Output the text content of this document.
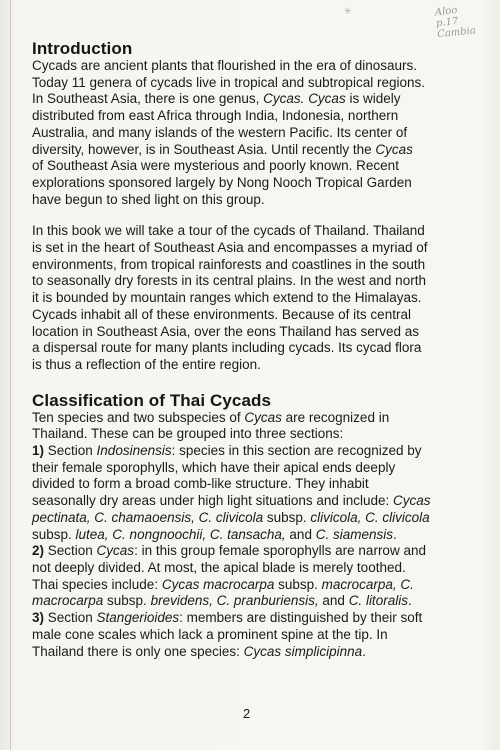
✳	Aloo
p.17
Cambia
Introduction

Cycads are ancient plants that flourished in the era of dinosaurs.
Today 11 genera of cycads live in tropical and subtropical regions.
In Southeast Asia, there is one genus, Cycas. Cycas is widely
distributed from east Africa through India, Indonesia, northern
Australia, and many islands of the western Pacific. Its center of
diversity, however, is in Southeast Asia. Until recently the Cycas
of Southeast Asia were mysterious and poorly known. Recent
explorations sponsored largely by Nong Nooch Tropical Garden
have begun to shed light on this group.

In this book we will take a tour of the cycads of Thailand. Thailand
is set in the heart of Southeast Asia and encompasses a myriad of
environments, from tropical rainforests and coastlines in the south
to seasonally dry forests in its central plains. In the west and north
it is bounded by mountain ranges which extend to the Himalayas.
Cycads inhabit all of these environments. Because of its central
location in Southeast Asia, over the eons Thailand has served as
a dispersal route for many plants including cycads. Its cycad flora
is thus a reflection of the entire region.

Classification of Thai Cycads

Ten species and two subspecies of Cycas are recognized in
Thailand. These can be grouped into three sections:
1) Section Indosinensis: species in this section are recognized by
their female sporophylls, which have their apical ends deeply
divided to form a broad comb-like structure. They inhabit
seasonally dry areas under high light situations and include: Cycas
pectinata, C. chamaoensis, C. clivicola subsp. clivicola, C. clivicola
subsp. lutea, C. nongnoochii, C. tansacha, and C. siamensis.
2) Section Cycas: in this group female sporophylls are narrow and
not deeply divided. At most, the apical blade is merely toothed.
Thai species include: Cycas macrocarpa subsp. macrocarpa, C.
macrocarpa subsp. brevidens, C. pranburiensis, and C. litoralis.
3) Section Stangerioides: members are distinguished by their soft
male cone scales which lack a prominent spine at the tip. In
Thailand there is only one species: Cycas simplicipinna.

2
